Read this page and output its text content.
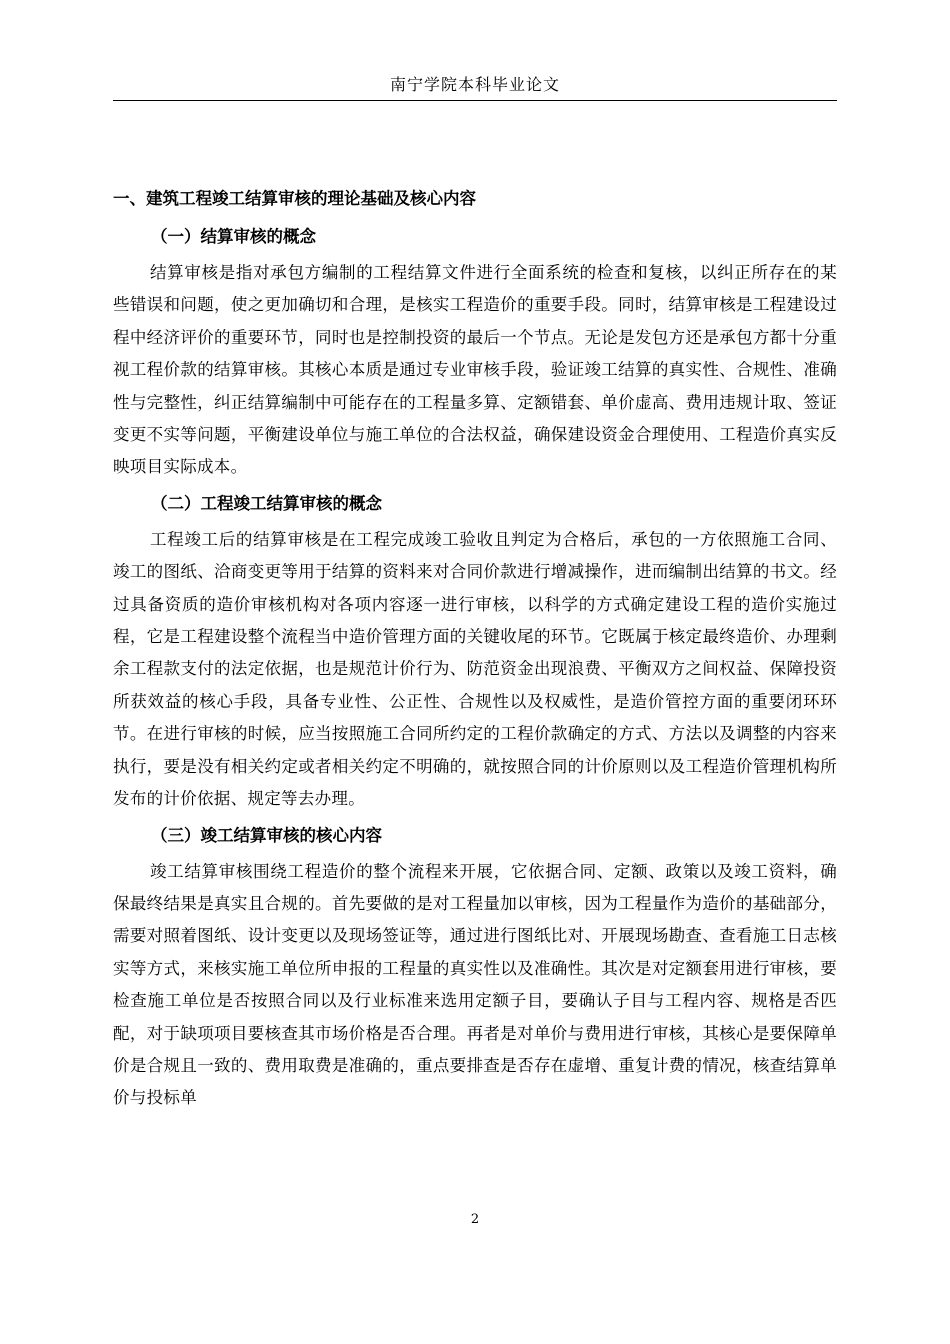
南宁学院本科毕业论文

一、建筑工程竣工结算审核的理论基础及核心内容

（一）结算审核的概念

结算审核是指对承包方编制的工程结算文件进行全面系统的检查和复核，以纠正所存在的某些错误和问题，使之更加确切和合理，是核实工程造价的重要手段。同时，结算审核是工程建设过程中经济评价的重要环节，同时也是控制投资的最后一个节点。无论是发包方还是承包方都十分重视工程价款的结算审核。其核心本质是通过专业审核手段，验证竣工结算的真实性、合规性、准确性与完整性，纠正结算编制中可能存在的工程量多算、定额错套、单价虚高、费用违规计取、签证变更不实等问题，平衡建设单位与施工单位的合法权益，确保建设资金合理使用、工程造价真实反映项目实际成本。

（二）工程竣工结算审核的概念

工程竣工后的结算审核是在工程完成竣工验收且判定为合格后，承包的一方依照施工合同、竣工的图纸、洽商变更等用于结算的资料来对合同价款进行增减操作，进而编制出结算的书文。经过具备资质的造价审核机构对各项内容逐一进行审核，以科学的方式确定建设工程的造价实施过程，它是工程建设整个流程当中造价管理方面的关键收尾的环节。它既属于核定最终造价、办理剩余工程款支付的法定依据，也是规范计价行为、防范资金出现浪费、平衡双方之间权益、保障投资所获效益的核心手段，具备专业性、公正性、合规性以及权威性，是造价管控方面的重要闭环环节。在进行审核的时候，应当按照施工合同所约定的工程价款确定的方式、方法以及调整的内容来执行，要是没有相关约定或者相关约定不明确的，就按照合同的计价原则以及工程造价管理机构所发布的计价依据、规定等去办理。

（三）竣工结算审核的核心内容

竣工结算审核围绕工程造价的整个流程来开展，它依据合同、定额、政策以及竣工资料，确保最终结果是真实且合规的。首先要做的是对工程量加以审核，因为工程量作为造价的基础部分，需要对照着图纸、设计变更以及现场签证等，通过进行图纸比对、开展现场勘查、查看施工日志核实等方式，来核实施工单位所申报的工程量的真实性以及准确性。其次是对定额套用进行审核，要检查施工单位是否按照合同以及行业标准来选用定额子目，要确认子目与工程内容、规格是否匹配，对于缺项项目要核查其市场价格是否合理。再者是对单价与费用进行审核，其核心是要保障单价是合规且一致的、费用取费是准确的，重点要排查是否存在虚增、重复计费的情况，核查结算单价与投标单

2
